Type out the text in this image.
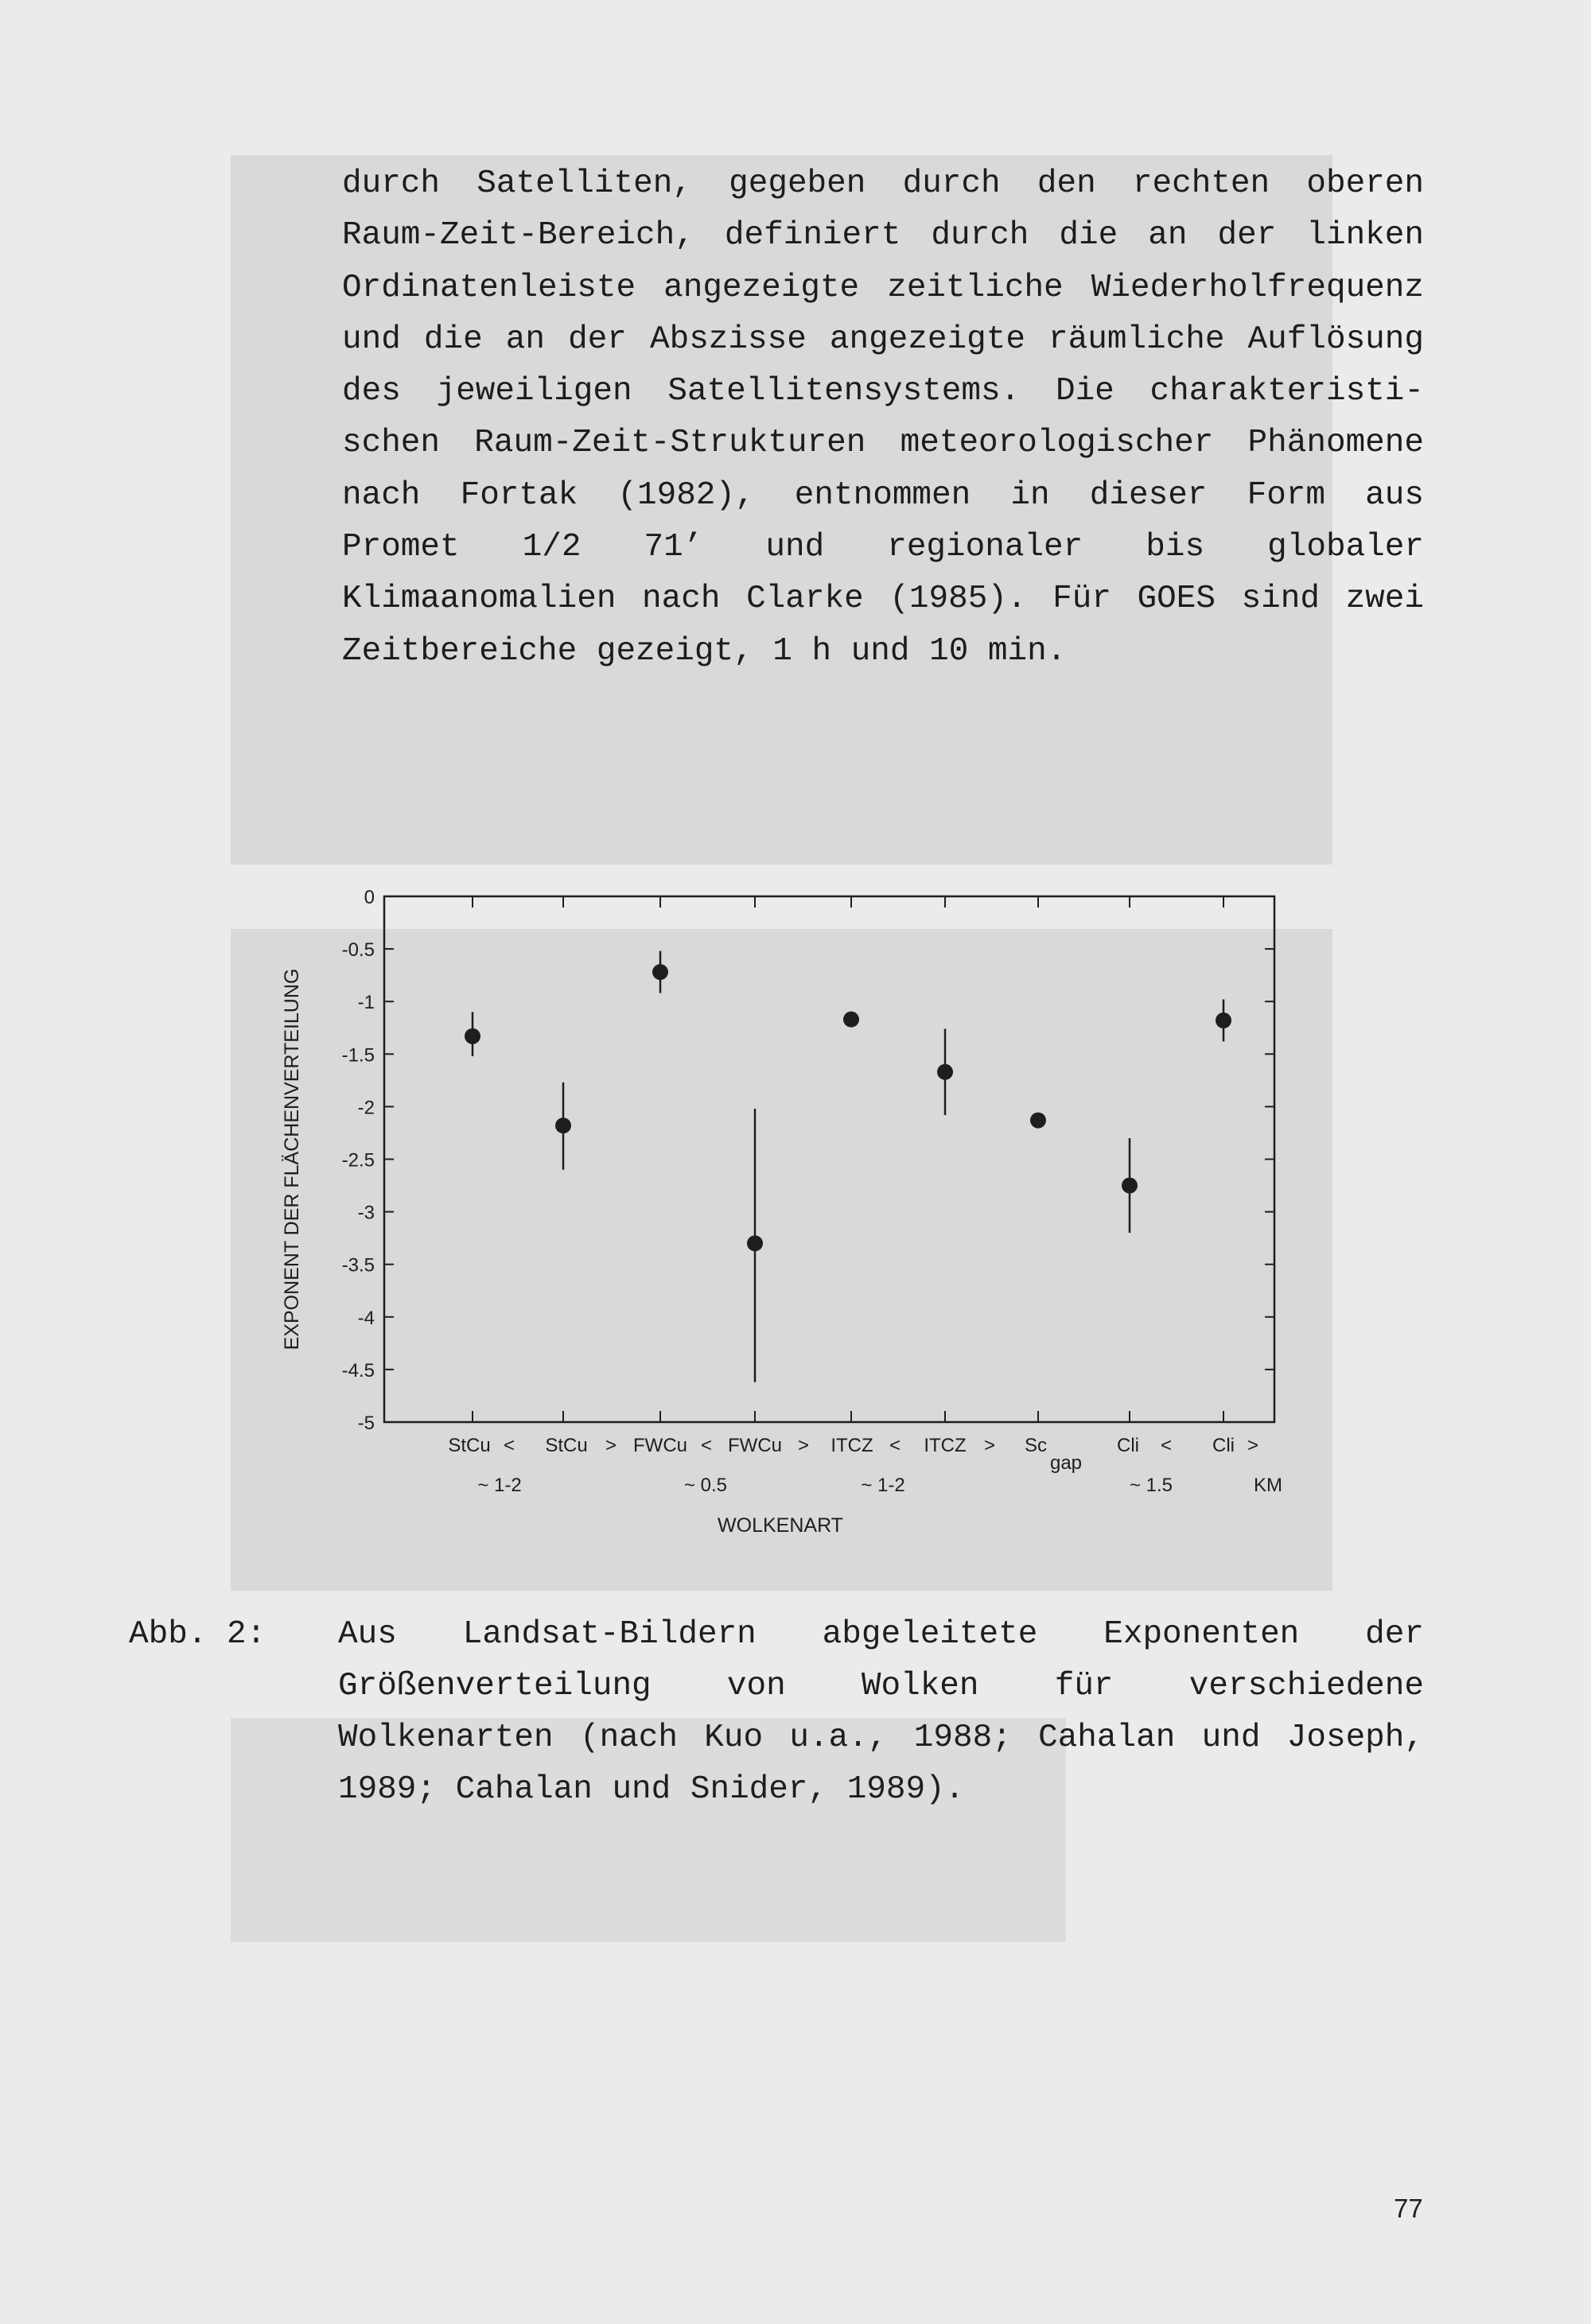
durch Satelliten, gegeben durch den rechten oberen
Raum-Zeit-Bereich, definiert durch die an der linken
Ordinatenleiste angezeigte zeitliche Wiederholfrequenz
und die an der Abszisse angezeigte räumliche Auflösung
des jeweiligen Satellitensystems. Die charakteristi-
schen Raum-Zeit-Strukturen meteorologischer Phänomene
nach Fortak (1982), entnommen in dieser Form aus
Promet 1/2 71’ und regionaler bis globaler
Klimaanomalien nach Clarke (1985). Für GOES sind zwei
Zeitbereiche gezeigt, 1 h und 10 min.
0
-0.5
-1
-1.5
-2
-2.5
-3
-3.5
-4
-4.5
-5
EXPONENT DER FLÄCHENVERTEILUNG
StCu < StCu > FWCu < FWCu > ITCZ < ITCZ > Sc
gap
Cli < Cli >
~ 1-2	~ 0.5	~ 1-2	~ 1.5	KM
WOLKENART
Abb. 2: Aus Landsat-Bildern abgeleitete Exponenten der
Größenverteilung von Wolken für verschiedene
Wolkenarten (nach Kuo u.a., 1988; Cahalan und Joseph,
1989; Cahalan und Snider, 1989).
77
